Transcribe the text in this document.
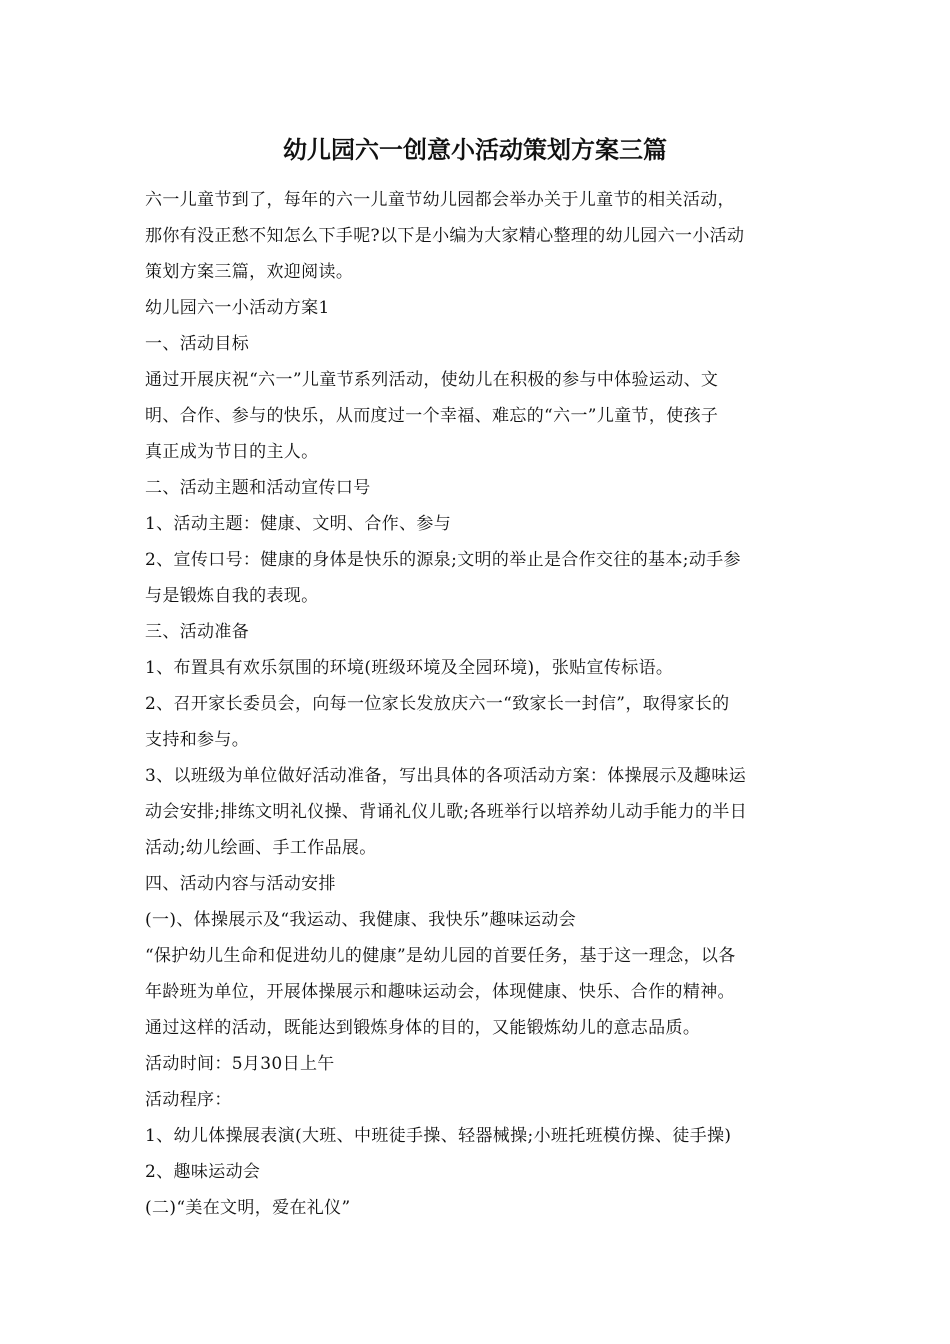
幼儿园六一创意小活动策划方案三篇
六一儿童节到了，每年的六一儿童节幼儿园都会举办关于儿童节的相关活动，
那你有没正愁不知怎么下手呢?以下是小编为大家精心整理的幼儿园六一小活动
策划方案三篇，欢迎阅读。
幼儿园六一小活动方案1
一、活动目标
通过开展庆祝“六一”儿童节系列活动，使幼儿在积极的参与中体验运动、文
明、合作、参与的快乐，从而度过一个幸福、难忘的“六一”儿童节，使孩子
真正成为节日的主人。
二、活动主题和活动宣传口号
1、活动主题：健康、文明、合作、参与
2、宣传口号：健康的身体是快乐的源泉;文明的举止是合作交往的基本;动手参
与是锻炼自我的表现。
三、活动准备
1、布置具有欢乐氛围的环境(班级环境及全园环境)，张贴宣传标语。
2、召开家长委员会，向每一位家长发放庆六一“致家长一封信”，取得家长的
支持和参与。
3、以班级为单位做好活动准备，写出具体的各项活动方案：体操展示及趣味运
动会安排;排练文明礼仪操、背诵礼仪儿歌;各班举行以培养幼儿动手能力的半日
活动;幼儿绘画、手工作品展。
四、活动内容与活动安排
(一)、体操展示及“我运动、我健康、我快乐”趣味运动会
“保护幼儿生命和促进幼儿的健康”是幼儿园的首要任务，基于这一理念，以各
年龄班为单位，开展体操展示和趣味运动会，体现健康、快乐、合作的精神。
通过这样的活动，既能达到锻炼身体的目的，又能锻炼幼儿的意志品质。
活动时间：5月30日上午
活动程序：
1、幼儿体操展表演(大班、中班徒手操、轻器械操;小班托班模仿操、徒手操)
2、趣味运动会
(二)“美在文明，爱在礼仪”
